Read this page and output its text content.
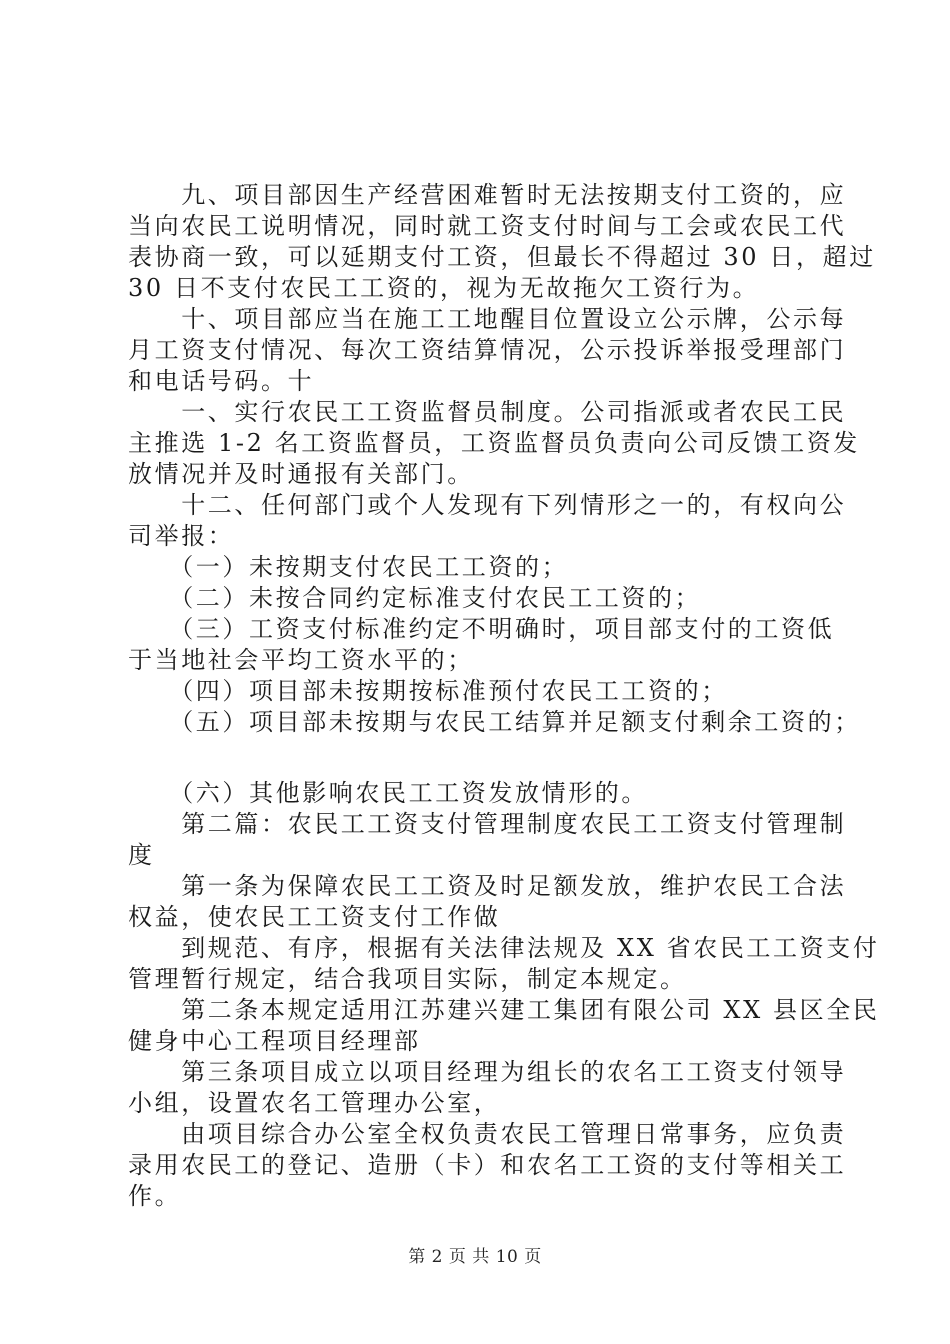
　　九、项目部因生产经营困难暂时无法按期支付工资的，应
当向农民工说明情况，同时就工资支付时间与工会或农民工代
表协商一致，可以延期支付工资，但最长不得超过 30 日，超过
30 日不支付农民工工资的，视为无故拖欠工资行为。
　　十、项目部应当在施工工地醒目位置设立公示牌，公示每
月工资支付情况、每次工资结算情况，公示投诉举报受理部门
和电话号码。十
　　一、实行农民工工资监督员制度。公司指派或者农民工民
主推选 1-2 名工资监督员，工资监督员负责向公司反馈工资发
放情况并及时通报有关部门。
　　十二、任何部门或个人发现有下列情形之一的，有权向公
司举报：
　　（一）未按期支付农民工工资的；
　　（二）未按合同约定标准支付农民工工资的；
　　（三）工资支付标准约定不明确时，项目部支付的工资低
于当地社会平均工资水平的；
　　（四）项目部未按期按标准预付农民工工资的；
　　（五）项目部未按期与农民工结算并足额支付剩余工资的；
　　（六）其他影响农民工工资发放情形的。
　　第二篇：农民工工资支付管理制度农民工工资支付管理制
度
　　第一条为保障农民工工资及时足额发放，维护农民工合法
权益，使农民工工资支付工作做
　　到规范、有序，根据有关法律法规及 XX 省农民工工资支付
管理暂行规定，结合我项目实际，制定本规定。
　　第二条本规定适用江苏建兴建工集团有限公司 XX 县区全民
健身中心工程项目经理部
　　第三条项目成立以项目经理为组长的农名工工资支付领导
小组，设置农名工管理办公室，
　　由项目综合办公室全权负责农民工管理日常事务，应负责
录用农民工的登记、造册（卡）和农名工工资的支付等相关工
作。
第 2 页 共 10 页
